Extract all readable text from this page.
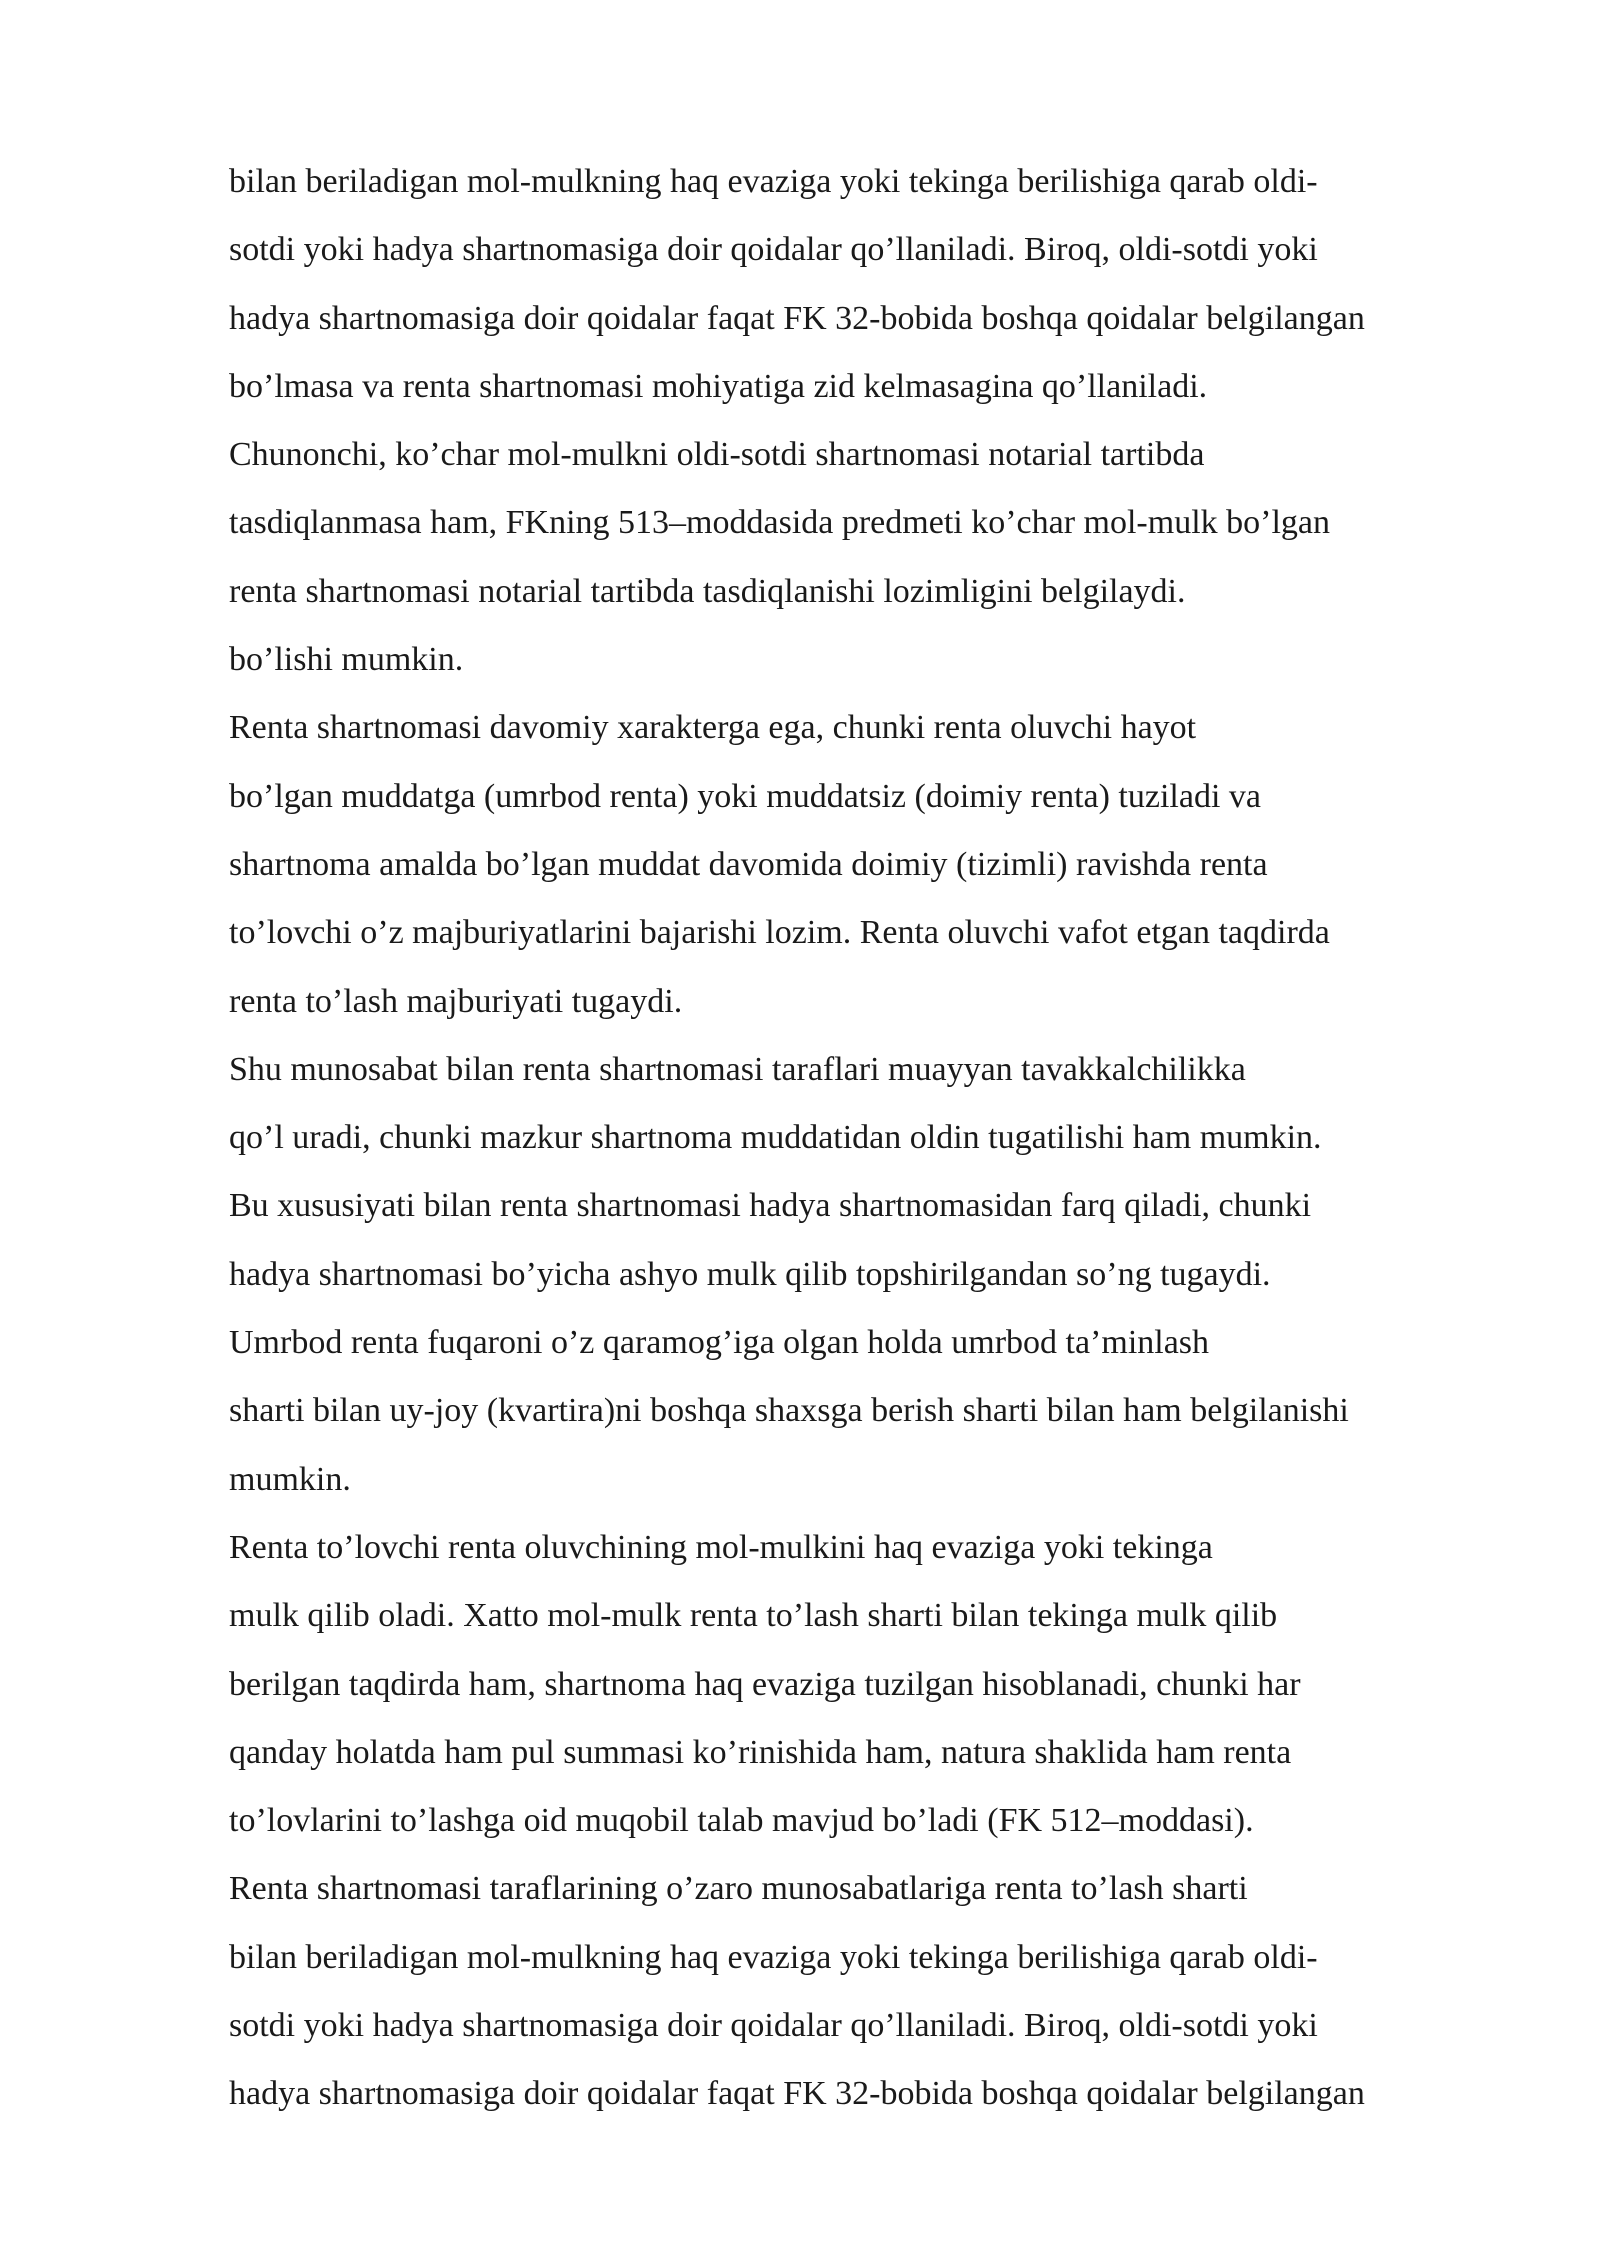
bilan beriladigan mol-mulkning haq evaziga yoki tekinga berilishiga qarab oldi-
sotdi yoki hadya shartnomasiga doir qoidalar qo’llaniladi. Biroq, oldi-sotdi yoki
hadya shartnomasiga doir qoidalar faqat FK 32-bobida boshqa qoidalar belgilangan
bo’lmasa va renta shartnomasi mohiyatiga zid kelmasagina qo’llaniladi.
Chunonchi, ko’char mol-mulkni oldi-sotdi shartnomasi notarial tartibda
tasdiqlanmasa ham, FKning 513–moddasida predmeti ko’char mol-mulk bo’lgan
renta shartnomasi notarial tartibda tasdiqlanishi lozimligini belgilaydi.
bo’lishi mumkin.
Renta shartnomasi davomiy xarakterga ega, chunki renta oluvchi hayot
bo’lgan muddatga (umrbod renta) yoki muddatsiz (doimiy renta) tuziladi va
shartnoma amalda bo’lgan muddat davomida doimiy (tizimli) ravishda renta
to’lovchi o’z majburiyatlarini bajarishi lozim. Renta oluvchi vafot etgan taqdirda
renta to’lash majburiyati tugaydi.
Shu munosabat bilan renta shartnomasi taraflari muayyan tavakkalchilikka
qo’l uradi, chunki mazkur shartnoma muddatidan oldin tugatilishi ham mumkin.
Bu xususiyati bilan renta shartnomasi hadya shartnomasidan farq qiladi, chunki
hadya shartnomasi bo’yicha ashyo mulk qilib topshirilgandan so’ng tugaydi.
Umrbod renta fuqaroni o’z qaramog’iga olgan holda umrbod ta’minlash
sharti bilan uy-joy (kvartira)ni boshqa shaxsga berish sharti bilan ham belgilanishi
mumkin.
Renta to’lovchi renta oluvchining mol-mulkini haq evaziga yoki tekinga
mulk qilib oladi. Xatto mol-mulk renta to’lash sharti bilan tekinga mulk qilib
berilgan taqdirda ham, shartnoma haq evaziga tuzilgan hisoblanadi, chunki har
qanday holatda ham pul summasi ko’rinishida ham, natura shaklida ham renta
to’lovlarini to’lashga oid muqobil talab mavjud bo’ladi (FK 512–moddasi).
Renta shartnomasi taraflarining o’zaro munosabatlariga renta to’lash sharti
bilan beriladigan mol-mulkning haq evaziga yoki tekinga berilishiga qarab oldi-
sotdi yoki hadya shartnomasiga doir qoidalar qo’llaniladi. Biroq, oldi-sotdi yoki
hadya shartnomasiga doir qoidalar faqat FK 32-bobida boshqa qoidalar belgilangan
